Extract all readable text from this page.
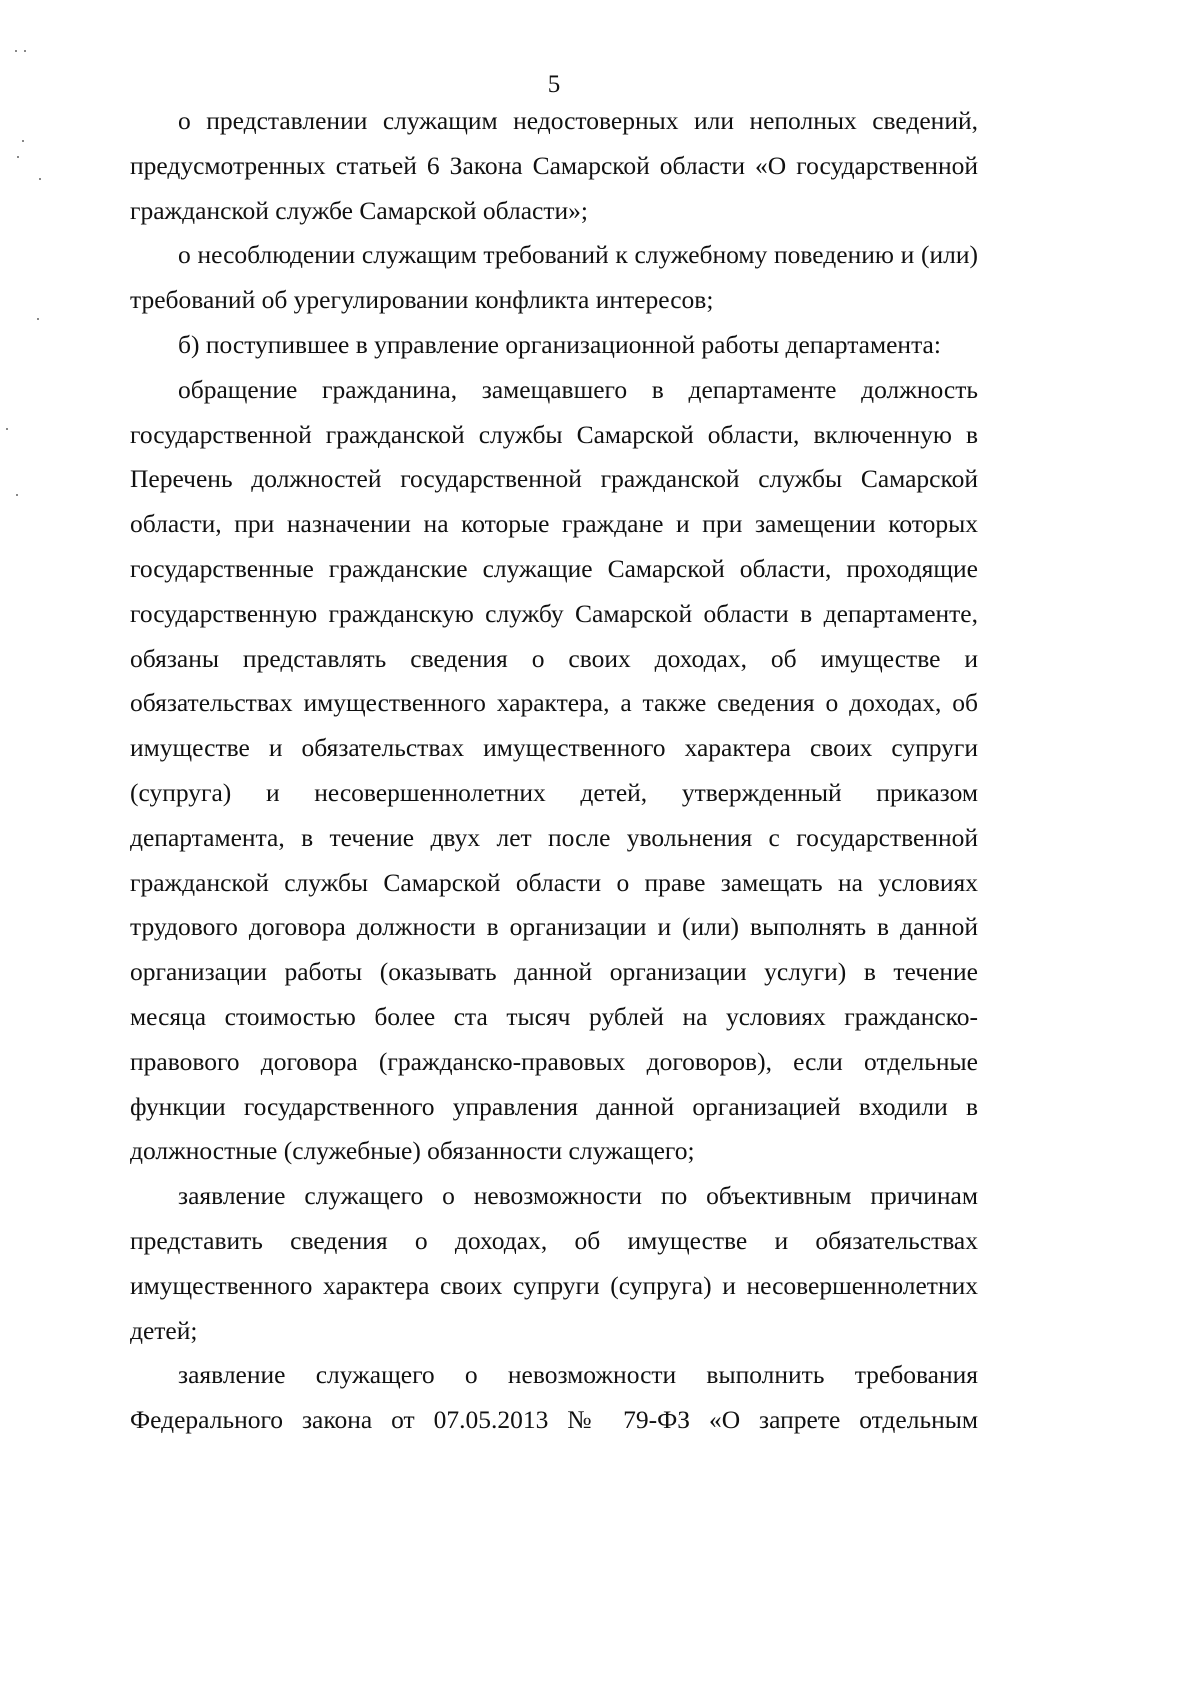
5

о представлении служащим недостоверных или неполных сведений, предусмотренных статьей 6 Закона Самарской области «О государственной гражданской службе Самарской области»;

о несоблюдении служащим требований к служебному поведению и (или) требований об урегулировании конфликта интересов;

б) поступившее в управление организационной работы департамента:

обращение гражданина, замещавшего в департаменте должность государственной гражданской службы Самарской области, включенную в Перечень должностей государственной гражданской службы Самарской области, при назначении на которые граждане и при замещении которых государственные гражданские служащие Самарской области, проходящие государственную гражданскую службу Самарской области в департаменте, обязаны представлять сведения о своих доходах, об имуществе и обязательствах имущественного характера, а также сведения о доходах, об имуществе и обязательствах имущественного характера своих супруги (супруга) и несовершеннолетних детей, утвержденный приказом департамента, в течение двух лет после увольнения с государственной гражданской службы Самарской области о праве замещать на условиях трудового договора должности в организации и (или) выполнять в данной организации работы (оказывать данной организации услуги) в течение месяца стоимостью более ста тысяч рублей на условиях гражданско-правового договора (гражданско-правовых договоров), если отдельные функции государственного управления данной организацией входили в должностные (служебные) обязанности служащего;

заявление служащего о невозможности по объективным причинам представить сведения о доходах, об имуществе и обязательствах имущественного характера своих супруги (супруга) и несовершеннолетних детей;

заявление служащего о невозможности выполнить требования Федерального закона от 07.05.2013 № 79-ФЗ «О запрете отдельным
